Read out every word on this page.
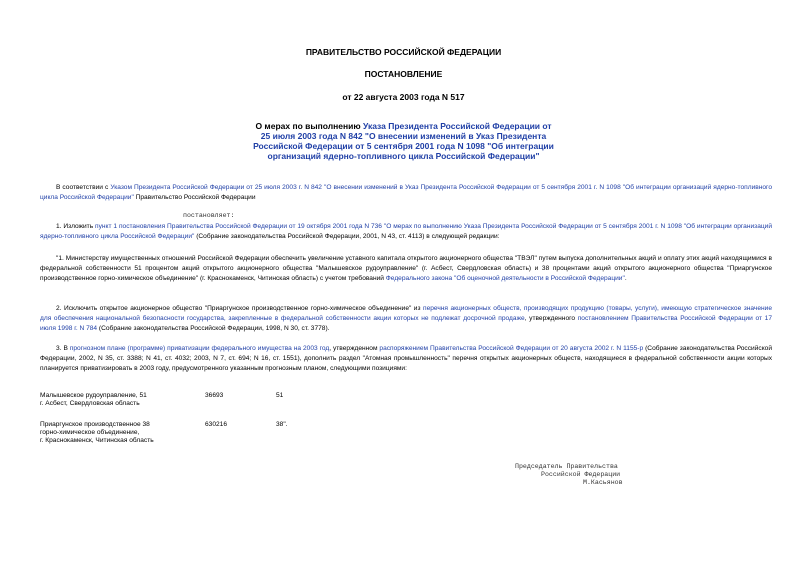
ПРАВИТЕЛЬСТВО РОССИЙСКОЙ ФЕДЕРАЦИИ
ПОСТАНОВЛЕНИЕ
от 22 августа 2003 года N 517
О мерах по выполнению Указа Президента Российской Федерации от
25 июля 2003 года N 842 "О внесении изменений в Указ Президента
Российской Федерации от 5 сентября 2001 года N 1098 "Об интеграции
организаций ядерно-топливного цикла Российской Федерации"
В соответствии с Указом Президента Российской Федерации от 25 июля 2003 г. N 842 "О внесении изменений в Указ Президента Российской Федерации от 5 сентября 2001 г. N 1098 "Об интеграции организаций ядерно-топливного цикла Российской Федерации" Правительство Российской Федерации
постановляет:
1. Изложить пункт 1 постановления Правительства Российской Федерации от 19 октября 2001 года N 736 "О мерах по выполнению Указа Президента Российской Федерации от 5 сентября 2001 г. N 1098 "Об интеграции организаций ядерно-топливного цикла Российской Федерации" (Собрание законодательства Российской Федерации, 2001, N 43, ст. 4113) в следующей редакции:
"1. Министерству имущественных отношений Российской Федерации обеспечить увеличение уставного капитала открытого акционерного общества "ТВЭЛ" путем выпуска дополнительных акций и оплату этих акций находящимися в федеральной собственности 51 процентом акций открытого акционерного общества "Малышевское рудоуправление" (г. Асбест, Свердловская область) и 38 процентами акций открытого акционерного общества "Приаргунское производственное горно-химическое объединение" (г. Краснокаменск, Читинская область) с учетом требований Федерального закона "Об оценочной деятельности в Российской Федерации".
2. Исключить открытое акционерное общество "Приаргунское производственное горно-химическое объединение" из перечня акционерных обществ, производящих продукцию (товары, услуги), имеющую стратегическое значение для обеспечения национальной безопасности государства, закрепленные в федеральной собственности акции которых не подлежат досрочной продаже, утвержденного постановлением Правительства Российской Федерации от 17 июля 1998 г. N 784 (Собрание законодательства Российской Федерации, 1998, N 30, ст. 3778).
3. В прогнозном плане (программе) приватизации федерального имущества на 2003 год, утвержденном распоряжением Правительства Российской Федерации от 20 августа 2002 г. N 1155-р (Собрание законодательства Российской Федерации, 2002, N 35, ст. 3388; N 41, ст. 4032; 2003, N 7, ст. 694; N 16, ст. 1551), дополнить раздел "Атомная промышленность" перечня открытых акционерных обществ, находящиеся в федеральной собственности акции которых планируется приватизировать в 2003 году, предусмотренного указанным прогнозным планом, следующими позициями:
Малышевское рудоуправление, 51
г. Асбест, Свердловская область
36693	51
Приаргунское производственное 38
горно-химическое объединение,
г. Краснокаменск, Читинская область
630216	38".
Председатель Правительства
Российской Федерации
М.Касьянов
